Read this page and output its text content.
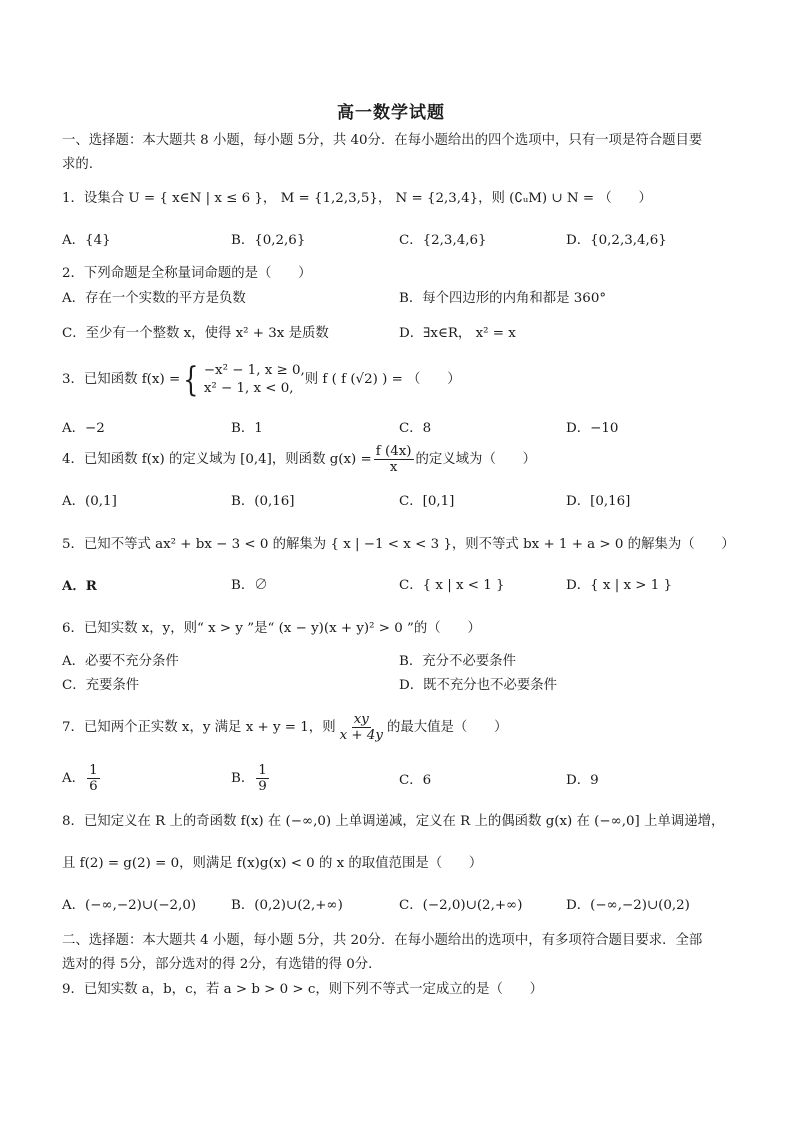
高一数学试题
一、选择题：本大题共 8 小题，每小题 5分，共 40分．在每小题给出的四个选项中，只有一项是符合题目要
求的.
1．设集合 U = { x∈N | x ≤ 6 }， M = {1,2,3,5}， N = {2,3,4}，则 (∁ᵤM) ∪ N = （　　）
A．{4}	B．{0,2,6}	C．{2,3,4,6}	D．{0,2,3,4,6}
2．下列命题是全称量词命题的是（　　）
A．存在一个实数的平方是负数	B．每个四边形的内角和都是 360°
C．至少有一个整数 x，使得 x² + 3x 是质数	D．∃x∈R， x² = x
3．已知函数 f(x) = { −x² − 1, x ≥ 0,
x² − 1, x < 0,
则 f ( f (√2) ) = （　　）
A．−2	B．1	C．8	D．−10
4．已知函数 f(x) 的定义域为 [0,4]，则函数 $g(x) = \frac{f (4x)}{x}$ 的定义域为（　　）
A．(0,1]	B．(0,16]	C．[0,1]	D．[0,16]
5．已知不等式 ax² + bx − 3 < 0 的解集为 { x | −1 < x < 3 }，则不等式 bx + 1 + a > 0 的解集为（　　）
A．R	B．∅	C．{ x | x < 1 }	D．{ x | x > 1 }
6．已知实数 x，y，则“ x > y ”是“ (x − y)(x + y)² > 0 ”的（　　）
A．必要不充分条件	B．充分不必要条件
C．充要条件	D．既不充分也不必要条件
7．已知两个正实数 x，y 满足 x + y = 1，则 $\frac{xy}{x + 4y}$ 的最大值是（　　）
A． $\frac{1}{6}$	B． $\frac{1}{9}$	C．6	D．9
8．已知定义在 R 上的奇函数 f(x) 在 (−∞,0) 上单调递减，定义在 R 上的偶函数 g(x) 在 (−∞,0] 上单调递增，
且 f(2) = g(2) = 0，则满足 f(x)g(x) < 0 的 x 的取值范围是（　　）
A．(−∞,−2)∪(−2,0)	B．(0,2)∪(2,+∞)	C．(−2,0)∪(2,+∞)	D．(−∞,−2)∪(0,2)
二、选择题：本大题共 4 小题，每小题 5分，共 20分．在每小题给出的选项中，有多项符合题目要求．全部
选对的得 5分，部分选对的得 2分，有选错的得 0分．
9．已知实数 a，b，c，若 a > b > 0 > c，则下列不等式一定成立的是（　　）
